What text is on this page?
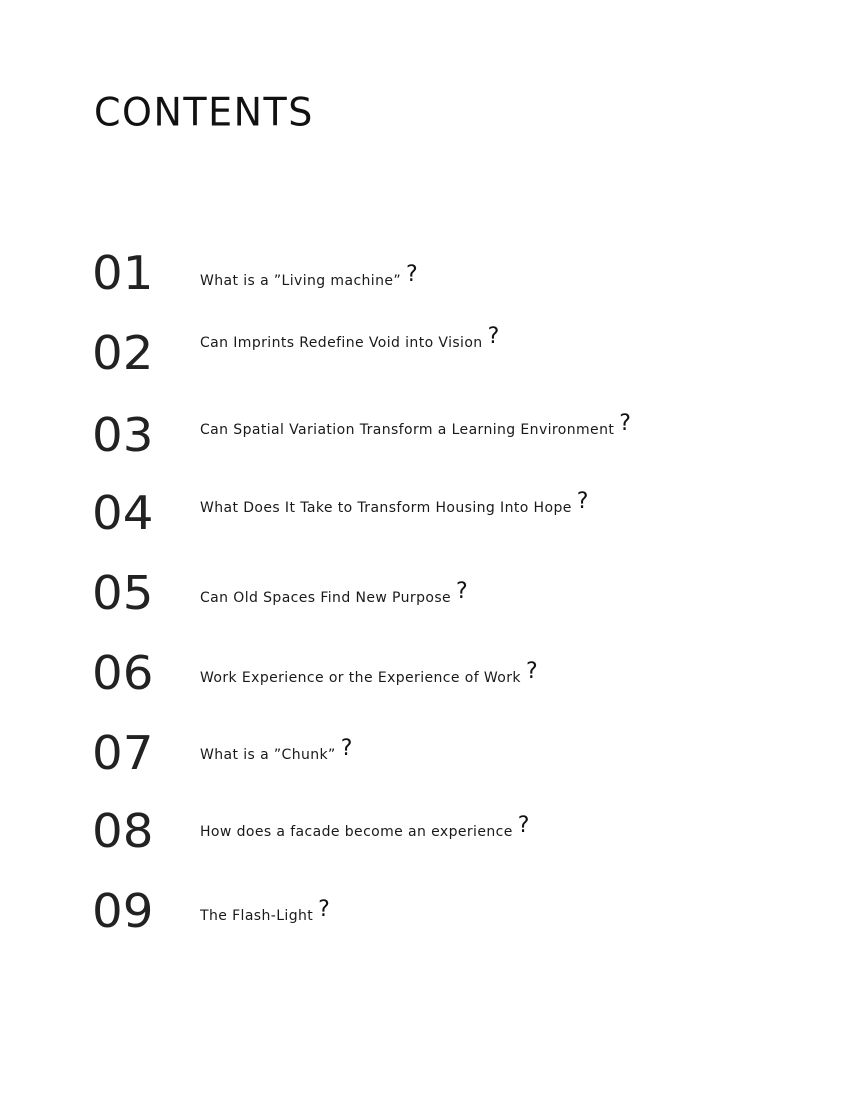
CONTENTS
01	What is a ”Living machine” ?
02	Can Imprints Redefine Void into Vision ?
03	Can Spatial Variation Transform a Learning Environment ?
04	What Does It Take to Transform Housing Into Hope ?
05	Can Old Spaces Find New Purpose ?
06	Work Experience or the Experience of Work ?
07	What is a ”Chunk” ?
08	How does a facade become an experience ?
09	The Flash-Light ?
